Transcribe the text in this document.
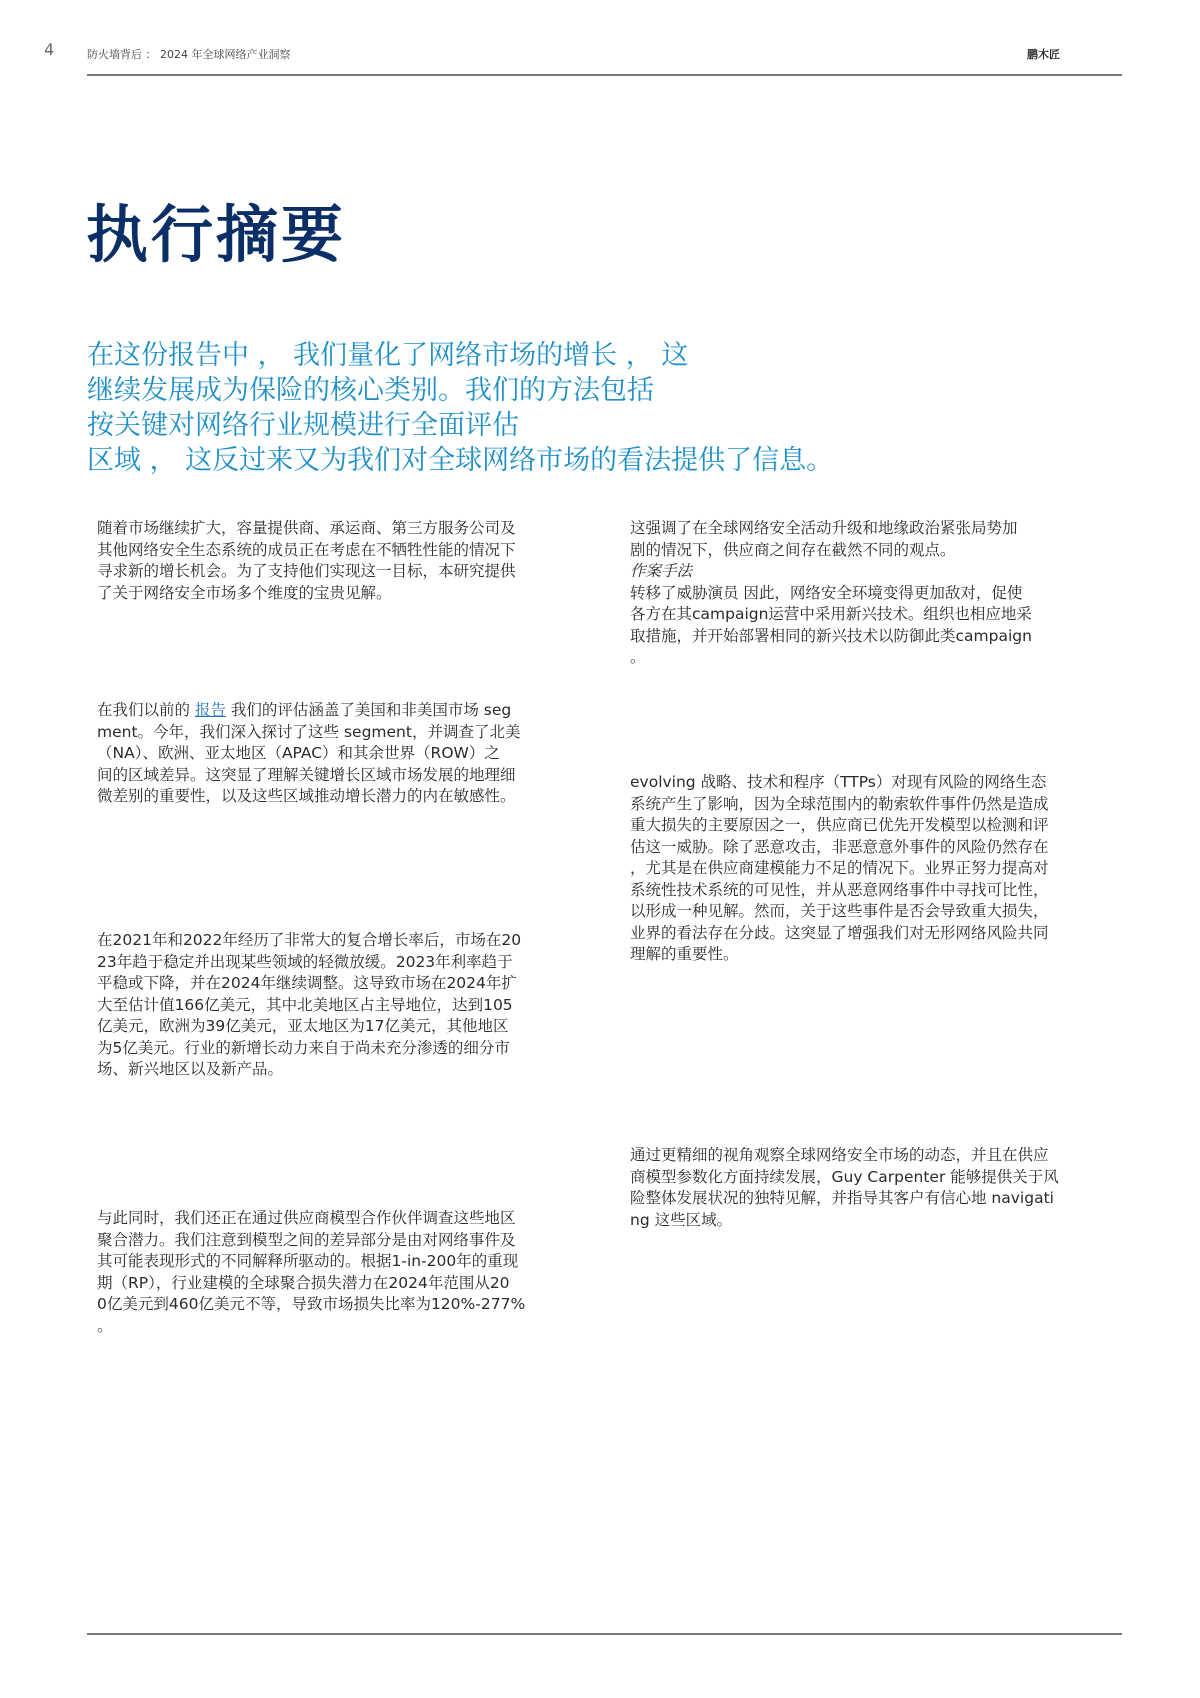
4	防火墙背后 ： 2024 年全球网络产业洞察	鹏木匠
执行摘要
在这份报告中 ， 我们量化了网络市场的增长 ， 这
继续发展成为保险的核心类别。我们的方法包括
按关键对网络行业规模进行全面评估
区域 ， 这反过来又为我们对全球网络市场的看法提供了信息。
随着市场继续扩大，容量提供商、承运商、第三方服务公司及
其他网络安全生态系统的成员正在考虑在不牺牲性能的情况下
寻求新的增长机会。为了支持他们实现这一目标，本研究提供
了关于网络安全市场多个维度的宝贵见解。
在我们以前的 报告 我们的评估涵盖了美国和非美国市场 seg
ment。今年，我们深入探讨了这些 segment，并调查了北美
（NA）、欧洲、亚太地区（APAC）和其余世界（ROW）之
间的区域差异。这突显了理解关键增长区域市场发展的地理细
微差别的重要性，以及这些区域推动增长潜力的内在敏感性。
在2021年和2022年经历了非常大的复合增长率后，市场在20
23年趋于稳定并出现某些领域的轻微放缓。2023年利率趋于
平稳或下降，并在2024年继续调整。这导致市场在2024年扩
大至估计值166亿美元，其中北美地区占主导地位，达到105
亿美元，欧洲为39亿美元，亚太地区为17亿美元，其他地区
为5亿美元。行业的新增长动力来自于尚未充分渗透的细分市
场、新兴地区以及新产品。
与此同时，我们还正在通过供应商模型合作伙伴调查这些地区
聚合潜力。我们注意到模型之间的差异部分是由对网络事件及
其可能表现形式的不同解释所驱动的。根据1-in-200年的重现
期（RP），行业建模的全球聚合损失潜力在2024年范围从20
0亿美元到460亿美元不等，导致市场损失比率为120%-277%
。
这强调了在全球网络安全活动升级和地缘政治紧张局势加
剧的情况下，供应商之间存在截然不同的观点。
作案手法
转移了威胁演员 因此，网络安全环境变得更加敌对，促使
各方在其campaign运营中采用新兴技术。组织也相应地采
取措施，并开始部署相同的新兴技术以防御此类campaign
。
evolving 战略、技术和程序（TTPs）对现有风险的网络生态
系统产生了影响，因为全球范围内的勒索软件事件仍然是造成
重大损失的主要原因之一，供应商已优先开发模型以检测和评
估这一威胁。除了恶意攻击，非恶意意外事件的风险仍然存在
，尤其是在供应商建模能力不足的情况下。业界正努力提高对
系统性技术系统的可见性，并从恶意网络事件中寻找可比性，
以形成一种见解。然而，关于这些事件是否会导致重大损失，
业界的看法存在分歧。这突显了增强我们对无形网络风险共同
理解的重要性。
通过更精细的视角观察全球网络安全市场的动态，并且在供应
商模型参数化方面持续发展，Guy Carpenter 能够提供关于风
险整体发展状况的独特见解，并指导其客户有信心地 navigati
ng 这些区域。
